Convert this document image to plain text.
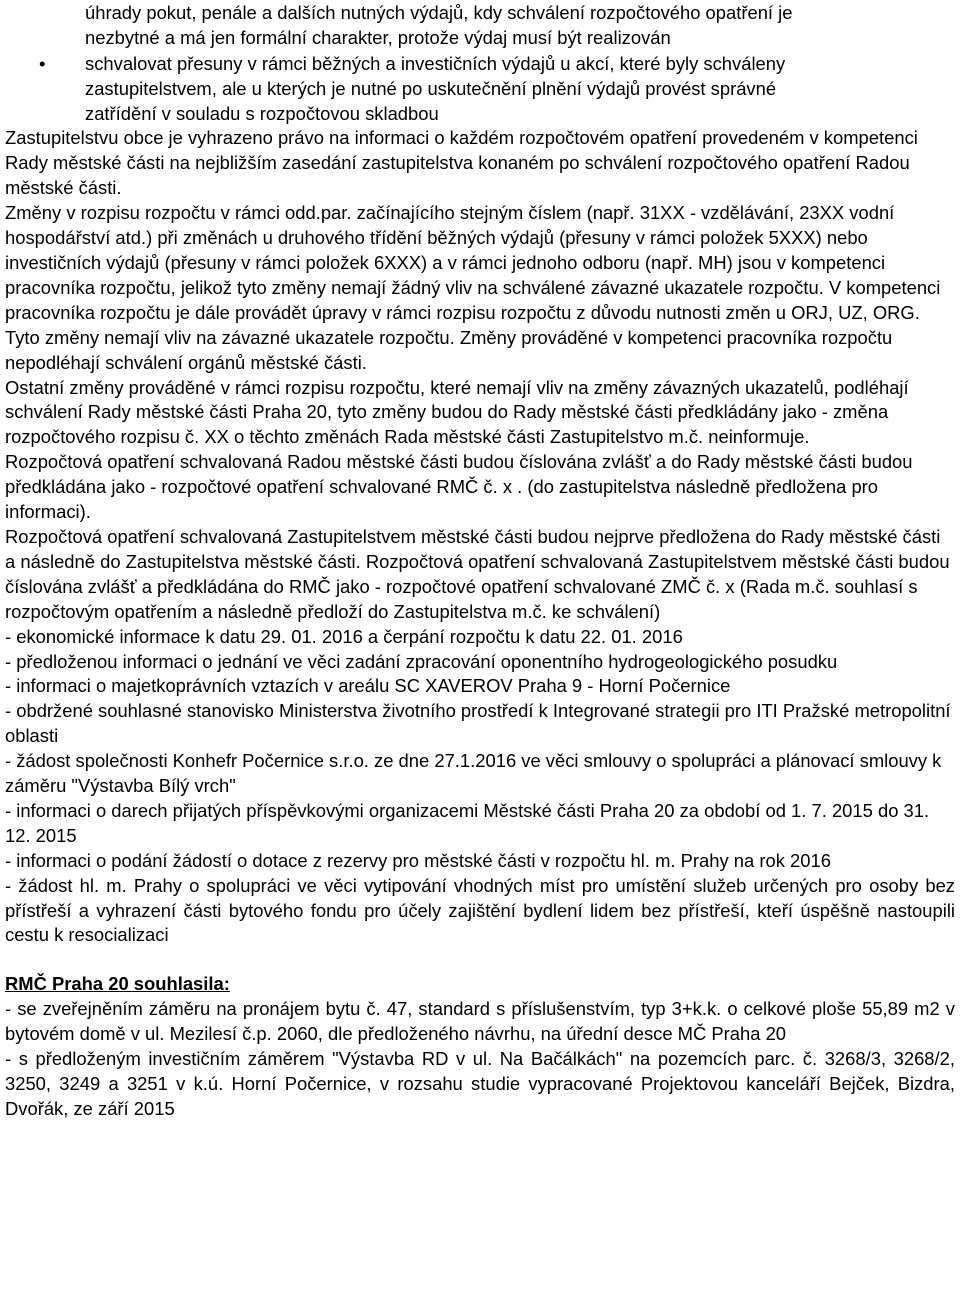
úhrady pokut, penále a dalších nutných výdajů, kdy schválení rozpočtového opatření je
nezbytné a má jen formální charakter, protože výdaj musí být realizován
• schvalovat přesuny v rámci běžných a investičních výdajů u akcí, které byly schváleny
zastupitelstvem, ale u kterých je nutné po uskutečnění plnění výdajů provést správné
zatřídění v souladu s rozpočtovou skladbou

Zastupitelstvu obce je vyhrazeno právo na informaci o každém rozpočtovém opatření provedeném v kompetenci Rady městské části na nejbližším zasedání zastupitelstva konaném po schválení rozpočtového opatření Radou městské části.

Změny v rozpisu rozpočtu v rámci odd.par. začínajícího stejným číslem (např. 31XX - vzdělávání, 23XX vodní hospodářství atd.) při změnách u druhového třídění běžných výdajů (přesuny v rámci položek 5XXX) nebo investičních výdajů (přesuny v rámci položek 6XXX) a v rámci jednoho odboru (např. MH) jsou v kompetenci pracovníka rozpočtu, jelikož tyto změny nemají žádný vliv na schválené závazné ukazatele rozpočtu. V kompetenci pracovníka rozpočtu je dále provádět úpravy v rámci rozpisu rozpočtu z důvodu nutnosti změn u ORJ, UZ, ORG. Tyto změny nemají vliv na závazné ukazatele rozpočtu. Změny prováděné v kompetenci pracovníka rozpočtu nepodléhají schválení orgánů městské části.

Ostatní změny prováděné v rámci rozpisu rozpočtu, které nemají vliv na změny závazných ukazatelů, podléhají schválení Rady městské části Praha 20, tyto změny budou do Rady městské části předkládány jako - změna rozpočtového rozpisu č. XX o těchto změnách Rada městské části Zastupitelstvo m.č. neinformuje.

Rozpočtová opatření schvalovaná Radou městské části budou číslována zvlášť a do Rady městské části budou předkládána jako - rozpočtové opatření schvalované RMČ č. x . (do zastupitelstva následně předložena pro informaci).

Rozpočtová opatření schvalovaná Zastupitelstvem městské části budou nejprve předložena do Rady městské části a následně do Zastupitelstva městské části. Rozpočtová opatření schvalovaná Zastupitelstvem městské části budou číslována zvlášť a předkládána do RMČ jako - rozpočtové opatření schvalované ZMČ č. x (Rada m.č. souhlasí s rozpočtovým opatřením a následně předloží do Zastupitelstva m.č. ke schválení)

- ekonomické informace k datu 29. 01. 2016 a čerpání rozpočtu k datu 22. 01. 2016

- předloženou informaci o jednání ve věci zadání zpracování oponentního hydrogeologického posudku

- informaci o majetkoprávních vztazích v areálu SC XAVEROV Praha 9 - Horní Počernice

- obdržené souhlasné stanovisko Ministerstva životního prostředí k Integrované strategii pro ITI Pražské metropolitní oblasti

- žádost společnosti Konhefr Počernice s.r.o. ze dne 27.1.2016 ve věci smlouvy o spolupráci a plánovací smlouvy k záměru "Výstavba Bílý vrch"

- informaci o darech přijatých příspěvkovými organizacemi Městské části Praha 20 za období od 1. 7. 2015 do 31. 12. 2015

- informaci o podání žádostí o dotace z rezervy pro městské části v rozpočtu hl. m. Prahy na rok 2016

- žádost hl. m. Prahy o spolupráci ve věci vytipování vhodných míst pro umístění služeb určených pro osoby bez přístřeší a vyhrazení části bytového fondu pro účely zajištění bydlení lidem bez přístřeší, kteří úspěšně nastoupili cestu k resocializaci

RMČ Praha 20 souhlasila:

- se zveřejněním záměru na pronájem bytu č. 47, standard s příslušenstvím, typ 3+k.k. o celkové ploše 55,89 m2 v bytovém domě v ul. Mezilesí č.p. 2060, dle předloženého návrhu, na úřední desce MČ Praha 20

- s předloženým investičním záměrem "Výstavba RD v ul. Na Bačálkách" na pozemcích parc. č. 3268/3, 3268/2, 3250, 3249 a 3251 v k.ú. Horní Počernice, v rozsahu studie vypracované Projektovou kanceláří Bejček, Bizdra, Dvořák, ze září 2015
